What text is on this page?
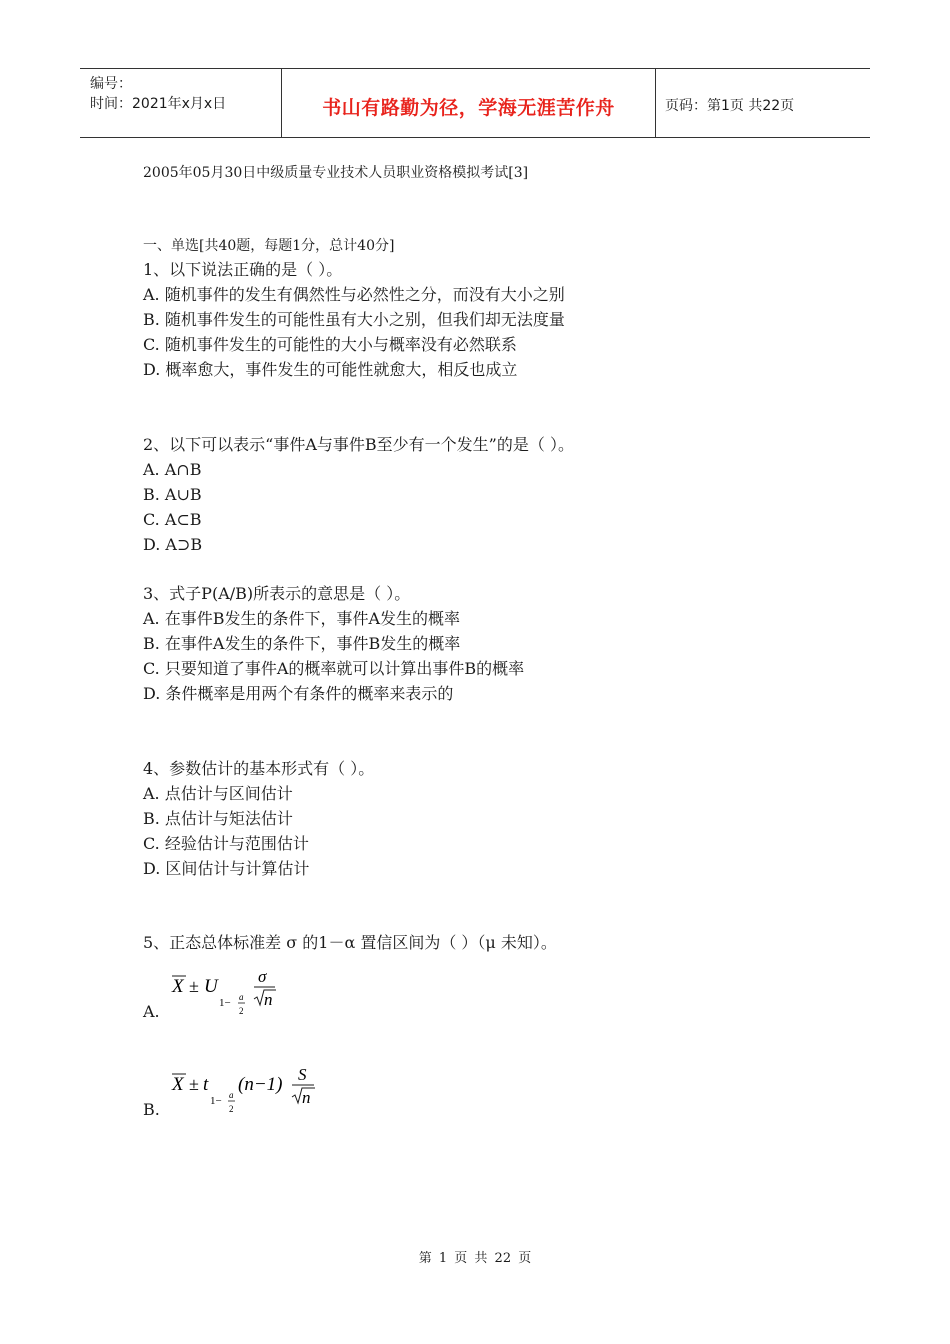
编号：
时间：2021年x月x日	书山有路勤为径，学海无涯苦作舟	页码：第1页 共22页
2005年05月30日中级质量专业技术人员职业资格模拟考试[3]
一、单选[共40题，每题1分，总计40分]
1、以下说法正确的是（ ）。
A. 随机事件的发生有偶然性与必然性之分，而没有大小之别
B. 随机事件发生的可能性虽有大小之别，但我们却无法度量
C. 随机事件发生的可能性的大小与概率没有必然联系
D. 概率愈大，事件发生的可能性就愈大，相反也成立
2、以下可以表示“事件A与事件B至少有一个发生”的是（ ）。
A. A∩B
B. A∪B
C. A⊂B
D. A⊃B
3、式子P(A/B)所表示的意思是（ ）。
A. 在事件B发生的条件下，事件A发生的概率
B. 在事件A发生的条件下，事件B发生的概率
C. 只要知道了事件A的概率就可以计算出事件B的概率
D. 条件概率是用两个有条件的概率来表示的
4、参数估计的基本形式有（ ）。
A. 点估计与区间估计
B. 点估计与矩法估计
C. 经验估计与范围估计
D. 区间估计与计算估计
5、正态总体标准差 σ 的1－α 置信区间为（ ）（μ 未知）。
X ± U
1− a
2
σ
n
A.
X ± t
1− a
2
(n−1) S
n
B.
第 1 页 共 22 页
